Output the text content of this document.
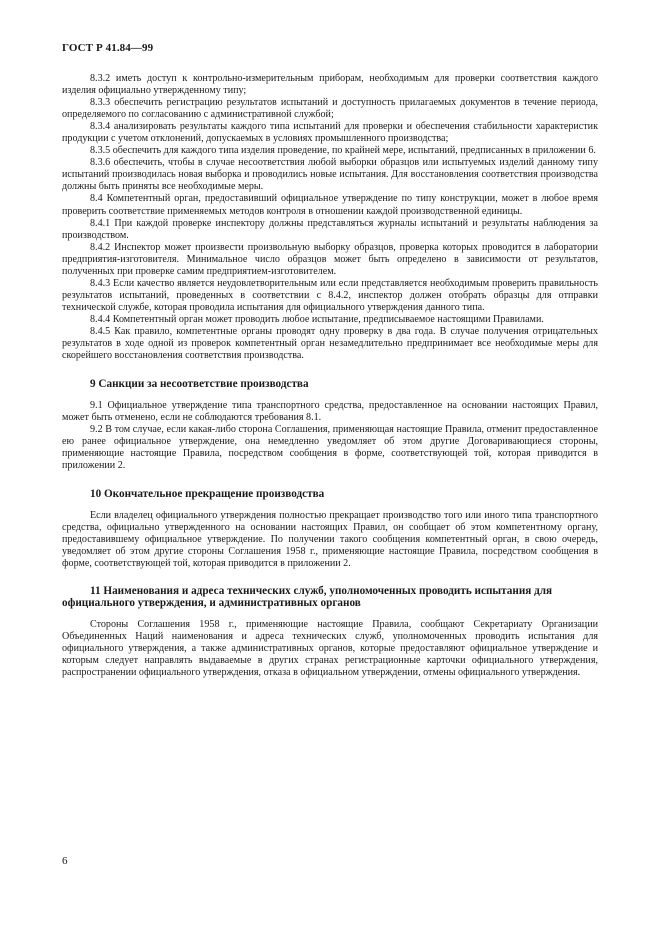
ГОСТ Р 41.84—99

8.3.2 иметь доступ к контрольно-измерительным приборам, необходимым для проверки соответствия каждого изделия официально утвержденному типу;

8.3.3 обеспечить регистрацию результатов испытаний и доступность прилагаемых документов в течение периода, определяемого по согласованию с административной службой;

8.3.4 анализировать результаты каждого типа испытаний для проверки и обеспечения стабильности характеристик продукции с учетом отклонений, допускаемых в условиях промышленного производства;

8.3.5 обеспечить для каждого типа изделия проведение, по крайней мере, испытаний, предписанных в приложении 6.

8.3.6 обеспечить, чтобы в случае несоответствия любой выборки образцов или испытуемых изделий данному типу испытаний производилась новая выборка и проводились новые испытания. Для восстановления соответствия производства должны быть приняты все необходимые меры.

8.4 Компетентный орган, предоставивший официальное утверждение по типу конструкции, может в любое время проверить соответствие применяемых методов контроля в отношении каждой производственной единицы.

8.4.1 При каждой проверке инспектору должны представляться журналы испытаний и результаты наблюдения за производством.

8.4.2 Инспектор может произвести произвольную выборку образцов, проверка которых проводится в лаборатории предприятия-изготовителя. Минимальное число образцов может быть определено в зависимости от результатов, полученных при проверке самим предприятием-изготовителем.

8.4.3 Если качество является неудовлетворительным или если представляется необходимым проверить правильность результатов испытаний, проведенных в соответствии с 8.4.2, инспектор должен отобрать образцы для отправки технической службе, которая проводила испытания для официального утверждения данного типа.

8.4.4 Компетентный орган может проводить любое испытание, предписываемое настоящими Правилами.

8.4.5 Как правило, компетентные органы проводят одну проверку в два года. В случае получения отрицательных результатов в ходе одной из проверок компетентный орган незамедлительно предпринимает все необходимые меры для скорейшего восстановления соответствия производства.

9 Санкции за несоответствие производства

9.1 Официальное утверждение типа транспортного средства, предоставленное на основании настоящих Правил, может быть отменено, если не соблюдаются требования 8.1.

9.2 В том случае, если какая-либо сторона Соглашения, применяющая настоящие Правила, отменит предоставленное ею ранее официальное утверждение, она немедленно уведомляет об этом другие Договаривающиеся стороны, применяющие настоящие Правила, посредством сообщения в форме, соответствующей той, которая приводится в приложении 2.

10 Окончательное прекращение производства

Если владелец официального утверждения полностью прекращает производство того или иного типа транспортного средства, официально утвержденного на основании настоящих Правил, он сообщает об этом компетентному органу, предоставившему официальное утверждение. По получении такого сообщения компетентный орган, в свою очередь, уведомляет об этом другие стороны Соглашения 1958 г., применяющие настоящие Правила, посредством сообщения в форме, соответствующей той, которая приводится в приложении 2.

11 Наименования и адреса технических служб, уполномоченных проводить испытания для официального утверждения, и административных органов

Стороны Соглашения 1958 г., применяющие настоящие Правила, сообщают Секретариату Организации Объединенных Наций наименования и адреса технических служб, уполномоченных проводить испытания для официального утверждения, а также административных органов, которые предоставляют официальное утверждение и которым следует направлять выдаваемые в других странах регистрационные карточки официального утверждения, распространении официального утверждения, отказа в официальном утверждении, отмены официального утверждения.

6
